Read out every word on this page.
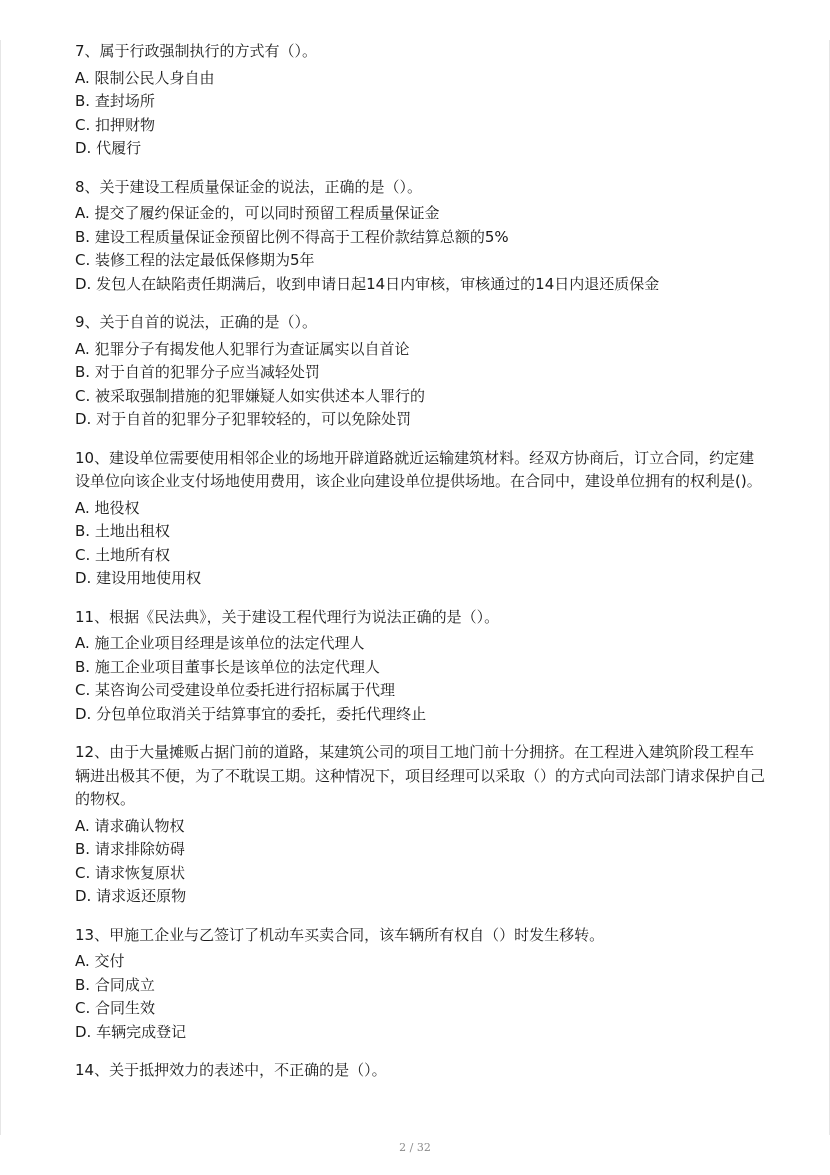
7、属于行政强制执行的方式有（）。
A. 限制公民人身自由
B. 查封场所
C. 扣押财物
D. 代履行
8、关于建设工程质量保证金的说法，正确的是（）。
A. 提交了履约保证金的，可以同时预留工程质量保证金
B. 建设工程质量保证金预留比例不得高于工程价款结算总额的5%
C. 装修工程的法定最低保修期为5年
D. 发包人在缺陷责任期满后，收到申请日起14日内审核，审核通过的14日内退还质保金
9、关于自首的说法，正确的是（）。
A. 犯罪分子有揭发他人犯罪行为查证属实以自首论
B. 对于自首的犯罪分子应当减轻处罚
C. 被采取强制措施的犯罪嫌疑人如实供述本人罪行的
D. 对于自首的犯罪分子犯罪较轻的，可以免除处罚
10、建设单位需要使用相邻企业的场地开辟道路就近运输建筑材料。经双方协商后，订立合同，约定建设单位向该企业支付场地使用费用，该企业向建设单位提供场地。在合同中，建设单位拥有的权利是()。
A. 地役权
B. 土地出租权
C. 土地所有权
D. 建设用地使用权
11、根据《民法典》，关于建设工程代理行为说法正确的是（）。
A. 施工企业项目经理是该单位的法定代理人
B. 施工企业项目董事长是该单位的法定代理人
C. 某咨询公司受建设单位委托进行招标属于代理
D. 分包单位取消关于结算事宜的委托，委托代理终止
12、由于大量摊贩占据门前的道路，某建筑公司的项目工地门前十分拥挤。在工程进入建筑阶段工程车辆进出极其不便，为了不耽误工期。这种情况下，项目经理可以采取（）的方式向司法部门请求保护自己的物权。
A. 请求确认物权
B. 请求排除妨碍
C. 请求恢复原状
D. 请求返还原物
13、甲施工企业与乙签订了机动车买卖合同，该车辆所有权自（）时发生移转。
A. 交付
B. 合同成立
C. 合同生效
D. 车辆完成登记
14、关于抵押效力的表述中，不正确的是（）。
2 / 32
